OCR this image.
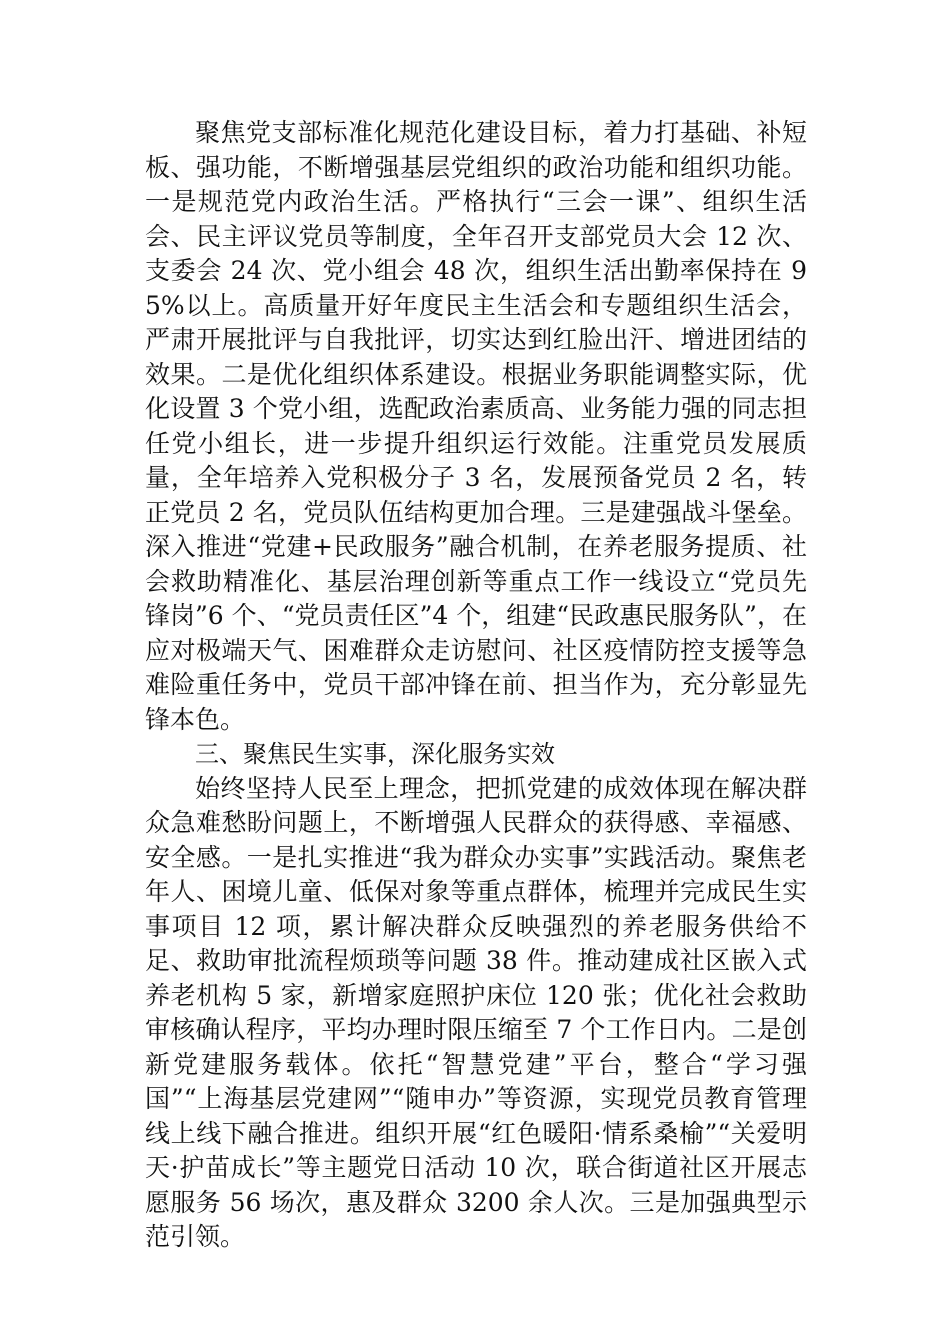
聚焦党支部标准化规范化建设目标，着力打基础、补短板、强功能，不断增强基层党组织的政治功能和组织功能。一是规范党内政治生活。严格执行“三会一课”、组织生活会、民主评议党员等制度，全年召开支部党员大会 12 次、支委会 24 次、党小组会 48 次，组织生活出勤率保持在 95%以上。高质量开好年度民主生活会和专题组织生活会，严肃开展批评与自我批评，切实达到红脸出汗、增进团结的效果。二是优化组织体系建设。根据业务职能调整实际，优化设置 3 个党小组，选配政治素质高、业务能力强的同志担任党小组长，进一步提升组织运行效能。注重党员发展质量，全年培养入党积极分子 3 名，发展预备党员 2 名，转正党员 2 名，党员队伍结构更加合理。三是建强战斗堡垒。深入推进“党建+民政服务”融合机制，在养老服务提质、社会救助精准化、基层治理创新等重点工作一线设立“党员先锋岗”6 个、“党员责任区”4 个，组建“民政惠民服务队”，在应对极端天气、困难群众走访慰问、社区疫情防控支援等急难险重任务中，党员干部冲锋在前、担当作为，充分彰显先锋本色。

三、聚焦民生实事，深化服务实效

始终坚持人民至上理念，把抓党建的成效体现在解决群众急难愁盼问题上，不断增强人民群众的获得感、幸福感、安全感。一是扎实推进“我为群众办实事”实践活动。聚焦老年人、困境儿童、低保对象等重点群体，梳理并完成民生实事项目 12 项，累计解决群众反映强烈的养老服务供给不足、救助审批流程烦琐等问题 38 件。推动建成社区嵌入式养老机构 5 家，新增家庭照护床位 120 张；优化社会救助审核确认程序，平均办理时限压缩至 7 个工作日内。二是创新党建服务载体。依托“智慧党建”平台，整合“学习强国”“上海基层党建网”“随申办”等资源，实现党员教育管理线上线下融合推进。组织开展“红色暖阳·情系桑榆”“关爱明天·护苗成长”等主题党日活动 10 次，联合街道社区开展志愿服务 56 场次，惠及群众 3200 余人次。三是加强典型示范引领。
